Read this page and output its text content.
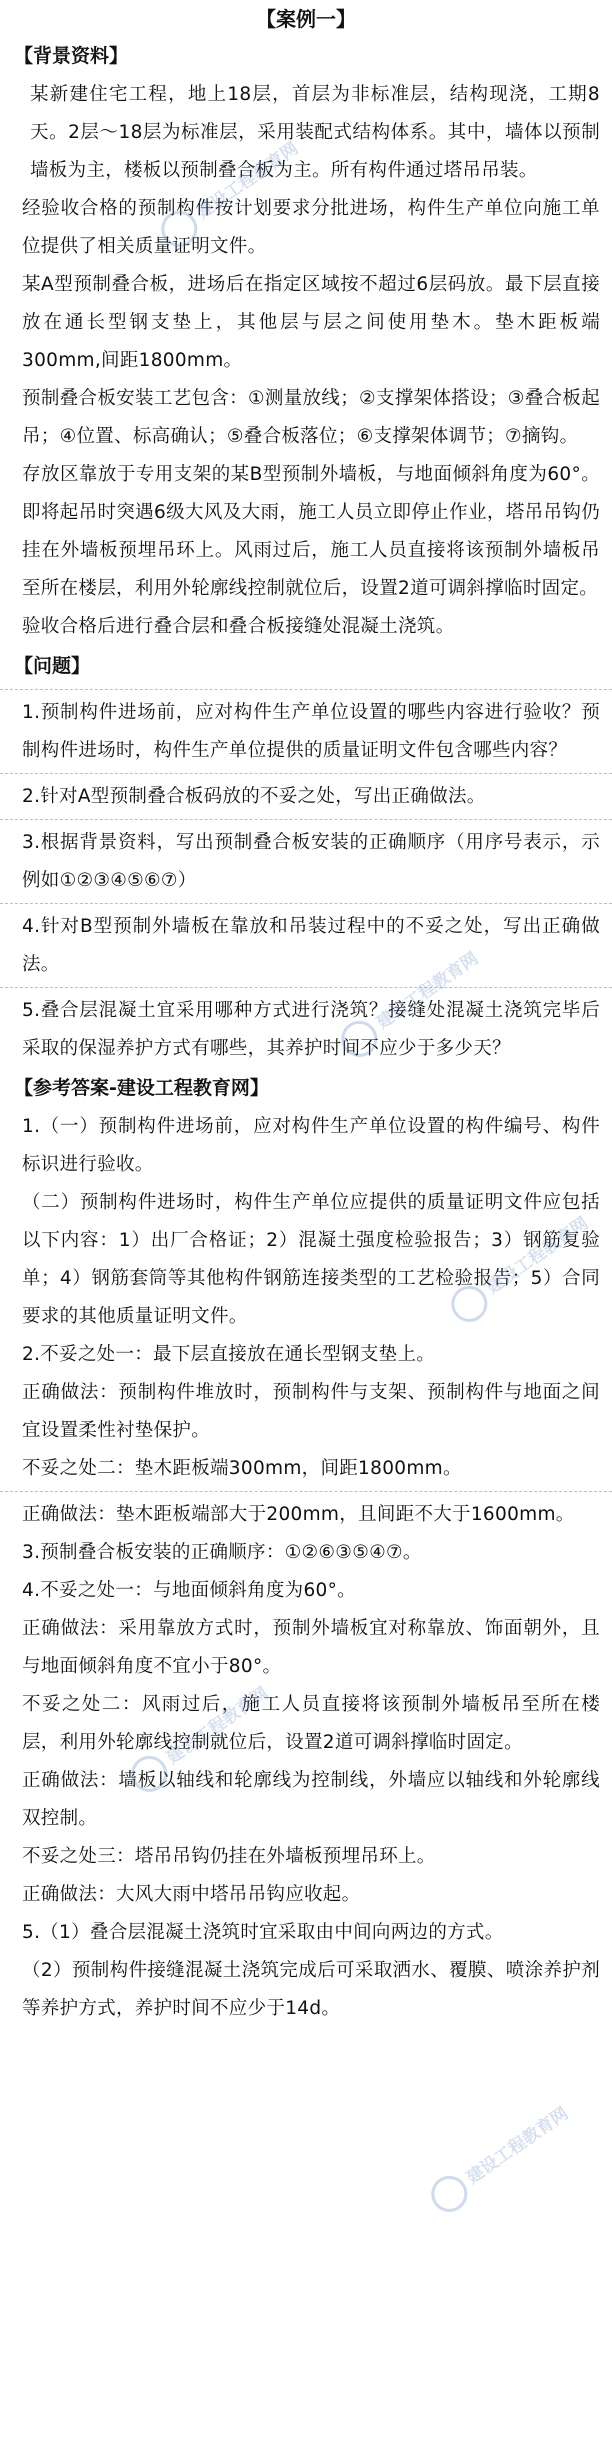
【案例一】
【背景资料】
某新建住宅工程，地上18层，首层为非标准层，结构现浇，工期8天。2层～18层为标准层，采用装配式结构体系。其中，墙体以预制墙板为主，楼板以预制叠合板为主。所有构件通过塔吊吊装。
经验收合格的预制构件按计划要求分批进场，构件生产单位向施工单位提供了相关质量证明文件。
某A型预制叠合板，进场后在指定区域按不超过6层码放。最下层直接放在通长型钢支垫上，其他层与层之间使用垫木。垫木距板端300mm,间距1800mm。
预制叠合板安装工艺包含：①测量放线；②支撑架体搭设；③叠合板起吊；④位置、标高确认；⑤叠合板落位；⑥支撑架体调节；⑦摘钩。
存放区靠放于专用支架的某B型预制外墙板，与地面倾斜角度为60°。即将起吊时突遇6级大风及大雨，施工人员立即停止作业，塔吊吊钩仍挂在外墙板预埋吊环上。风雨过后，施工人员直接将该预制外墙板吊至所在楼层，利用外轮廓线控制就位后，设置2道可调斜撑临时固定。
验收合格后进行叠合层和叠合板接缝处混凝土浇筑。
【问题】
1.预制构件进场前，应对构件生产单位设置的哪些内容进行验收？预制构件进场时，构件生产单位提供的质量证明文件包含哪些内容？
2.针对A型预制叠合板码放的不妥之处，写出正确做法。
3.根据背景资料，写出预制叠合板安装的正确顺序（用序号表示，示例如①②③④⑤⑥⑦）
4.针对B型预制外墙板在靠放和吊装过程中的不妥之处，写出正确做法。
5.叠合层混凝土宜采用哪种方式进行浇筑？接缝处混凝土浇筑完毕后采取的保湿养护方式有哪些，其养护时间不应少于多少天？
【参考答案-建设工程教育网】
1.（一）预制构件进场前，应对构件生产单位设置的构件编号、构件标识进行验收。
（二）预制构件进场时，构件生产单位应提供的质量证明文件应包括以下内容：1）出厂合格证；2）混凝土强度检验报告；3）钢筋复验单；4）钢筋套筒等其他构件钢筋连接类型的工艺检验报告；5）合同要求的其他质量证明文件。
2.不妥之处一：最下层直接放在通长型钢支垫上。
正确做法：预制构件堆放时，预制构件与支架、预制构件与地面之间宜设置柔性衬垫保护。
不妥之处二：垫木距板端300mm，间距1800mm。
正确做法：垫木距板端部大于200mm，且间距不大于1600mm。
3.预制叠合板安装的正确顺序：①②⑥③⑤④⑦。
4.不妥之处一：与地面倾斜角度为60°。
正确做法：采用靠放方式时，预制外墙板宜对称靠放、饰面朝外，且与地面倾斜角度不宜小于80°。
不妥之处二：风雨过后，施工人员直接将该预制外墙板吊至所在楼层，利用外轮廓线控制就位后，设置2道可调斜撑临时固定。
正确做法：墙板以轴线和轮廓线为控制线，外墙应以轴线和外轮廓线双控制。
不妥之处三：塔吊吊钩仍挂在外墙板预埋吊环上。
正确做法：大风大雨中塔吊吊钩应收起。
5.（1）叠合层混凝土浇筑时宜采取由中间向两边的方式。
（2）预制构件接缝混凝土浇筑完成后可采取洒水、覆膜、喷涂养护剂等养护方式，养护时间不应少于14d。
建设工程教育网
建设工程教育网
建设工程教育网
建设工程教育网
建设工程教育网
